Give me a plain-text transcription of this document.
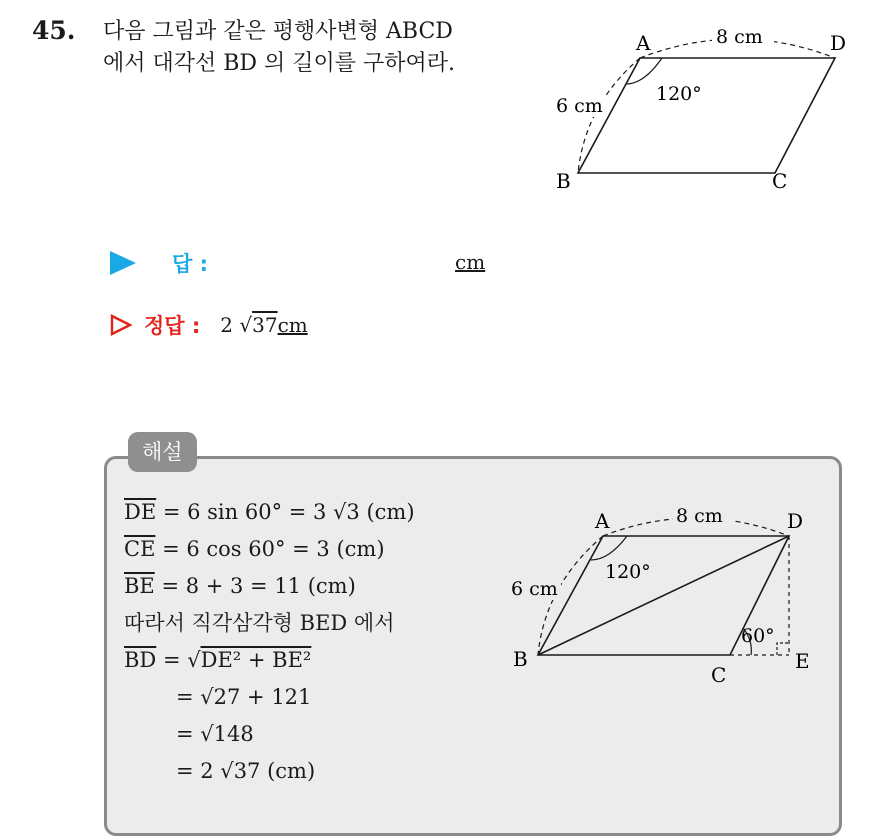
45. 다음 그림과 같은 평행사변형 ABCD
에서 대각선 BD 의 길이를 구하여라.
8 cm
6 cm
120°
A	D
B	C
답 :	cm
정답 : 2 √37cm
해설
$\overline{DE} = 6$ sin 60° = 3 √3 (cm)
$\overline{CE} = 6$ cos 60° = 3 (cm)
$\overline{BE} = 8 + 3 = 11$ (cm)
따라서 직각삼각형 BED 에서
$\overline{BD} = √DE^2 + BE^2$
= √27 + 121
= √148
= 2 √37 (cm)
8 cm
6 cm
120°
60°
A	D
B
C
E
